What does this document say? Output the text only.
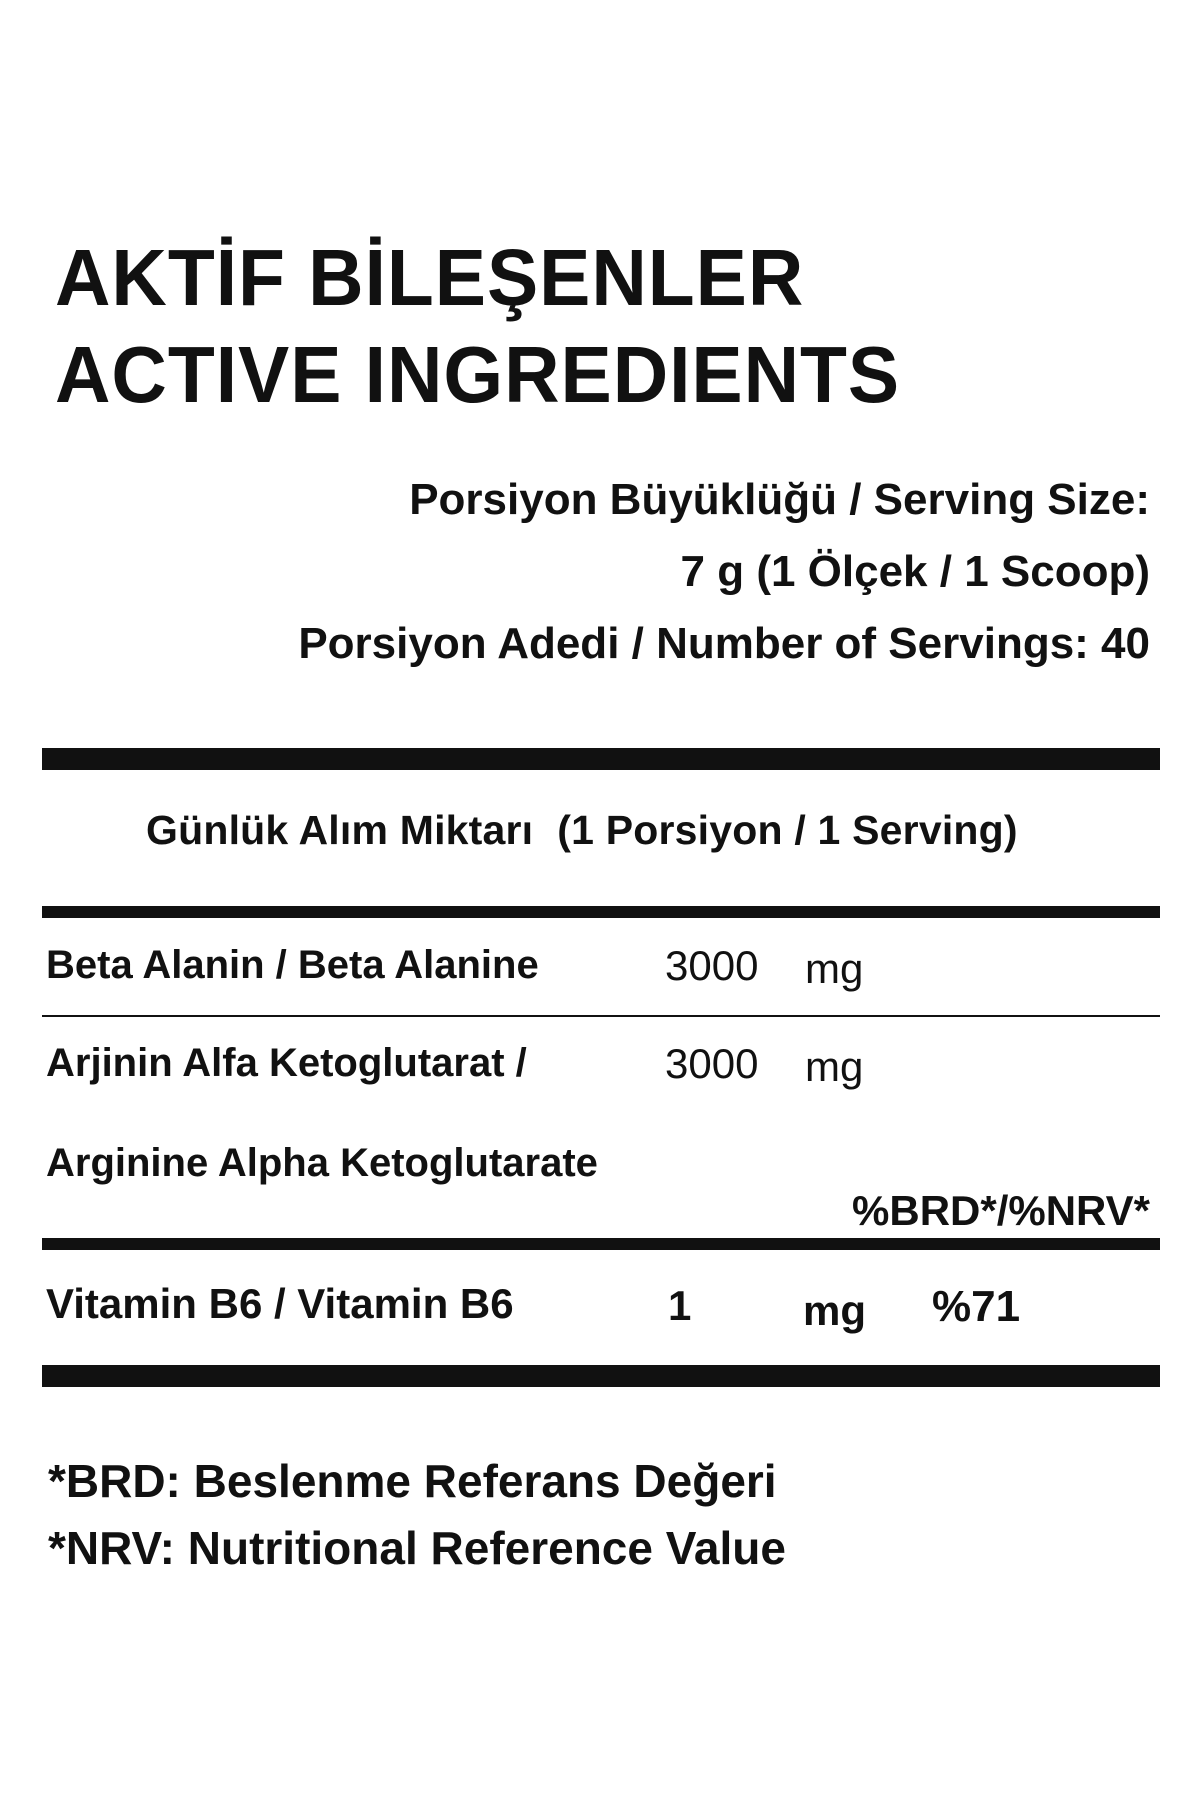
AKTİF BİLEŞENLER
ACTIVE INGREDIENTS
Porsiyon Büyüklüğü / Serving Size:
7 g (1 Ölçek / 1 Scoop)
Porsiyon Adedi / Number of Servings: 40
Günlük Alım Miktarı (1 Porsiyon / 1 Serving)
Beta Alanin / Beta Alanine	3000 mg
Arjinin Alfa Ketoglutarat /	3000 mg
Arginine Alpha Ketoglutarate
%BRD*/%NRV*
Vitamin B6 / Vitamin B6	1	mg %71
*BRD: Beslenme Referans Değeri
*NRV: Nutritional Reference Value
